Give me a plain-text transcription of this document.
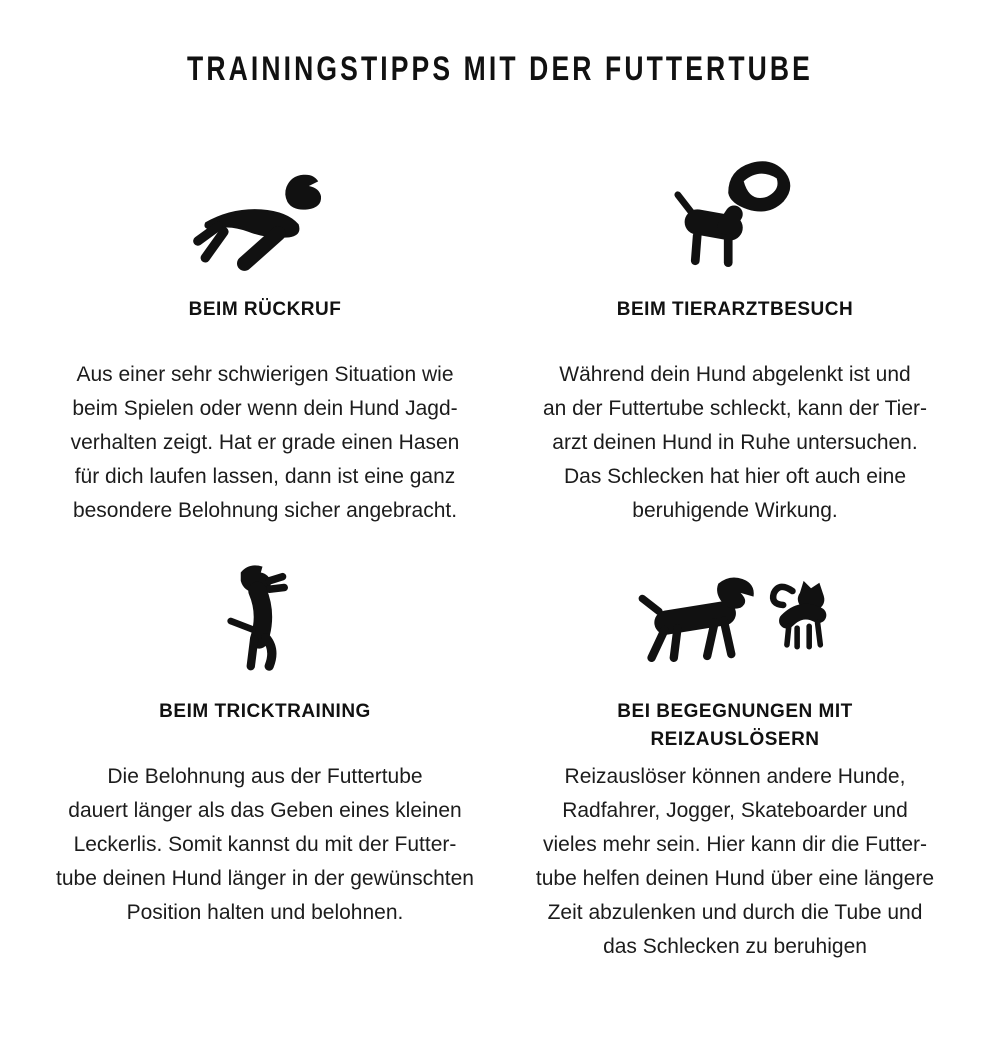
TRAININGSTIPPS MIT DER FUTTERTUBE
BEIM RÜCKRUF

Aus einer sehr schwierigen Situation wie
beim Spielen oder wenn dein Hund Jagd-
verhalten zeigt. Hat er grade einen Hasen
für dich laufen lassen, dann ist eine ganz
besondere Belohnung sicher angebracht.

BEIM TIERARZTBESUCH

Während dein Hund abgelenkt ist und
an der Futtertube schleckt, kann der Tier-
arzt deinen Hund in Ruhe untersuchen.
Das Schlecken hat hier oft auch eine
beruhigende Wirkung.

BEIM TRICKTRAINING

Die Belohnung aus der Futtertube
dauert länger als das Geben eines kleinen
Leckerlis. Somit kannst du mit der Futter-
tube deinen Hund länger in der gewünschten
Position halten und belohnen.

BEI BEGEGNUNGEN MIT
REIZAUSLÖSERN

Reizauslöser können andere Hunde,
Radfahrer, Jogger, Skateboarder und
vieles mehr sein. Hier kann dir die Futter-
tube helfen deinen Hund über eine längere
Zeit abzulenken und durch die Tube und
das Schlecken zu beruhigen
